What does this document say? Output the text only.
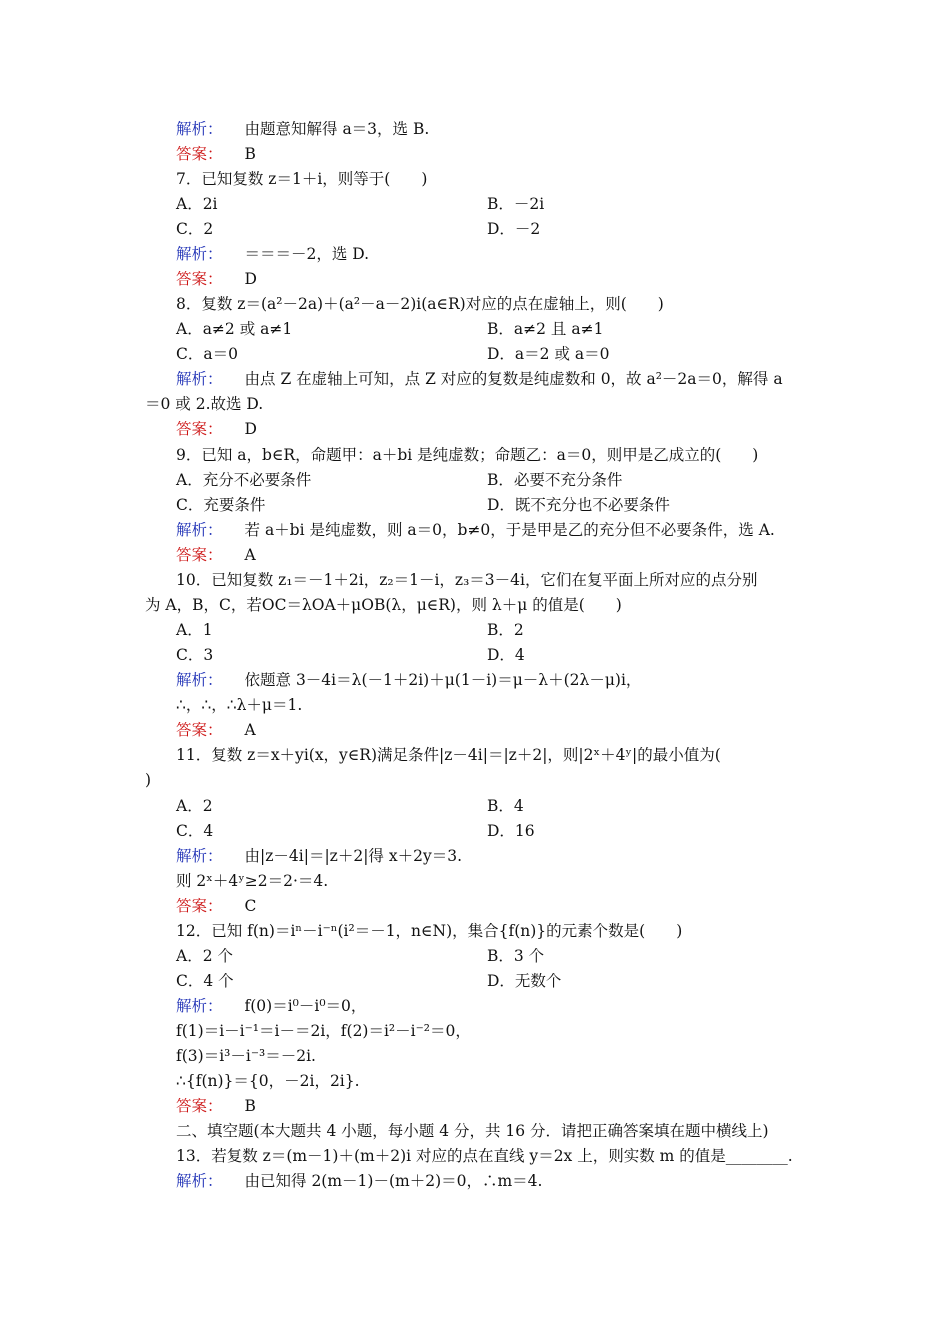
解析： 由题意知解得 a＝3，选 B.
答案： B
7．已知复数 z＝1＋i，则等于(　　)
A．2i	B．－2i
C．2	D．－2
解析： ＝＝＝－2，选 D.
答案： D
8．复数 z＝(a²－2a)＋(a²－a－2)i(a∈R)对应的点在虚轴上，则(　　)
A．a≠2 或 a≠1	B．a≠2 且 a≠1
C．a＝0	D．a＝2 或 a＝0
解析： 由点 Z 在虚轴上可知，点 Z 对应的复数是纯虚数和 0，故 a²－2a＝0，解得 a
＝0 或 2.故选 D.
答案： D
9．已知 a，b∈R，命题甲：a＋bi 是纯虚数；命题乙：a＝0，则甲是乙成立的(　　)
A．充分不必要条件	B．必要不充分条件
C．充要条件	D．既不充分也不必要条件
解析： 若 a＋bi 是纯虚数，则 a＝0，b≠0，于是甲是乙的充分但不必要条件，选 A.
答案： A
10．已知复数 z₁＝－1＋2i，z₂＝1－i，z₃＝3－4i，它们在复平面上所对应的点分别
为 A，B，C，若OC＝λOA＋μOB(λ，μ∈R)，则 λ＋μ 的值是(　　)
A．1	B．2
C．3	D．4
解析： 依题意 3－4i＝λ(－1＋2i)＋μ(1－i)＝μ－λ＋(2λ－μ)i，
∴，∴，∴λ＋μ＝1.
答案： A
11．复数 z＝x＋yi(x，y∈R)满足条件|z－4i|＝|z＋2|，则|2ˣ＋4ʸ|的最小值为(
)
A．2	B．4
C．4	D．16
解析： 由|z－4i|＝|z＋2|得 x＋2y＝3.
则 2ˣ＋4ʸ≥2＝2·＝4.
答案： C
12．已知 f(n)＝iⁿ－i⁻ⁿ(i²＝－1，n∈N)，集合{f(n)}的元素个数是(　　)
A．2 个	B．3 个
C．4 个	D．无数个
解析： f(0)＝i⁰－i⁰＝0，
f(1)＝i－i⁻¹＝i－＝2i，f(2)＝i²－i⁻²＝0，
f(3)＝i³－i⁻³＝－2i.
∴{f(n)}＝{0，－2i，2i}.
答案： B
二、填空题(本大题共 4 小题，每小题 4 分，共 16 分．请把正确答案填在题中横线上)
13．若复数 z＝(m－1)＋(m＋2)i 对应的点在直线 y＝2x 上，则实数 m 的值是________.
解析： 由已知得 2(m－1)－(m＋2)＝0，∴m＝4.
